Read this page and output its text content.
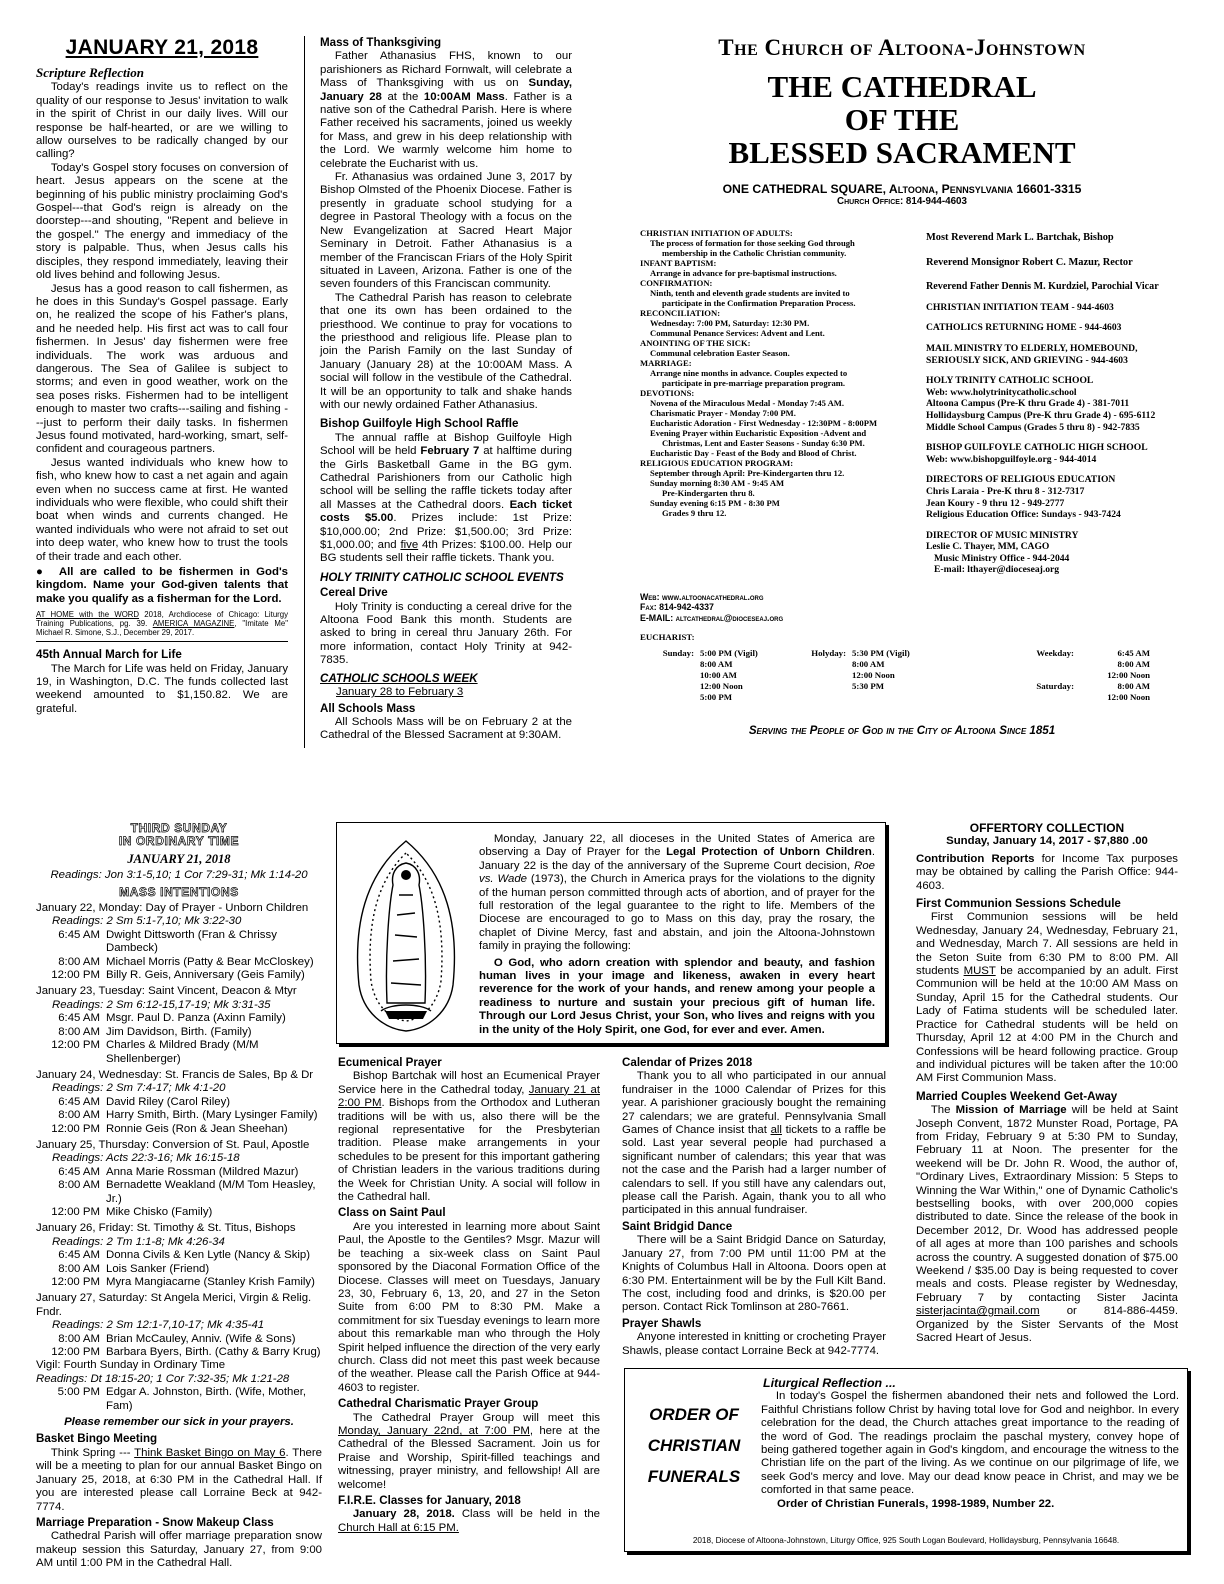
JANUARY 21, 2018
Scripture Reflection

Today's readings invite us to reflect on the quality of our response to Jesus' invitation to walk in the spirit of Christ in our daily lives. Will our response be half-hearted, or are we willing to allow ourselves to be radically changed by our calling?

Today's Gospel story focuses on conversion of heart. Jesus appears on the scene at the beginning of his public ministry proclaiming God's Gospel---that God's reign is already on the doorstep---and shouting, "Repent and believe in the gospel." The energy and immediacy of the story is palpable. Thus, when Jesus calls his disciples, they respond immediately, leaving their old lives behind and following Jesus.

Jesus has a good reason to call fishermen, as he does in this Sunday's Gospel passage. Early on, he realized the scope of his Father's plans, and he needed help. His first act was to call four fishermen. In Jesus' day fishermen were free individuals. The work was arduous and dangerous. The Sea of Galilee is subject to storms; and even in good weather, work on the sea poses risks. Fishermen had to be intelligent enough to master two crafts---sailing and fishing ---just to perform their daily tasks. In fishermen Jesus found motivated, hard-working, smart, self-confident and courageous partners.

Jesus wanted individuals who knew how to fish, who knew how to cast a net again and again even when no success came at first. He wanted individuals who were flexible, who could shift their boat when winds and currents changed. He wanted individuals who were not afraid to set out into deep water, who knew how to trust the tools of their trade and each other.

●  All are called to be fishermen in God's kingdom. Name your God-given talents that make you qualify as a fisherman for the Lord.

AT HOME with the WORD 2018, Archdiocese of Chicago: Liturgy Training Publications, pg. 39. AMERICA MAGAZINE, "Imitate Me" Michael R. Simone, S.J., December 29, 2017.

45th Annual March for Life

The March for Life was held on Friday, January 19, in Washington, D.C. The funds collected last weekend amounted to $1,150.82. We are grateful.

Mass of Thanksgiving

Father Athanasius FHS, known to our parishioners as Richard Fornwalt, will celebrate a Mass of Thanksgiving with us on Sunday, January 28 at the 10:00AM Mass. Father is a native son of the Cathedral Parish. Here is where Father received his sacraments, joined us weekly for Mass, and grew in his deep relationship with the Lord. We warmly welcome him home to celebrate the Eucharist with us.

Fr. Athanasius was ordained June 3, 2017 by Bishop Olmsted of the Phoenix Diocese. Father is presently in graduate school studying for a degree in Pastoral Theology with a focus on the New Evangelization at Sacred Heart Major Seminary in Detroit. Father Athanasius is a member of the Franciscan Friars of the Holy Spirit situated in Laveen, Arizona. Father is one of the seven founders of this Franciscan community.

The Cathedral Parish has reason to celebrate that one its own has been ordained to the priesthood. We continue to pray for vocations to the priesthood and religious life. Please plan to join the Parish Family on the last Sunday of January (January 28) at the 10:00AM Mass. A social will follow in the vestibule of the Cathedral. It will be an opportunity to talk and shake hands with our newly ordained Father Athanasius.

Bishop Guilfoyle High School Raffle

The annual raffle at Bishop Guilfoyle High School will be held February 7 at halftime during the Girls Basketball Game in the BG gym. Cathedral Parishioners from our Catholic high school will be selling the raffle tickets today after all Masses at the Cathedral doors. Each ticket costs $5.00. Prizes include: 1st Prize: $10,000.00; 2nd Prize: $1,500.00; 3rd Prize: $1,000.00; and five 4th Prizes: $100.00. Help our BG students sell their raffle tickets. Thank you.

HOLY TRINITY CATHOLIC SCHOOL EVENTS
Cereal Drive

Holy Trinity is conducting a cereal drive for the Altoona Food Bank this month. Students are asked to bring in cereal thru January 26th. For more information, contact Holy Trinity at 942-7835.

CATHOLIC SCHOOLS WEEK
January 28 to February 3
All Schools Mass

All Schools Mass will be on February 2 at the Cathedral of the Blessed Sacrament at 9:30AM.

The Church of Altoona-Johnstown
THE CATHEDRAL
OF THE
BLESSED SACRAMENT
ONE CATHEDRAL SQUARE, Altoona, Pennsylvania 16601-3315
Church Office: 814-944-4603
CHRISTIAN INITIATION OF ADULTS:
The process of formation for those seeking God through
membership in the Catholic Christian community.
INFANT BAPTISM:
Arrange in advance for pre-baptismal instructions.
CONFIRMATION:
Ninth, tenth and eleventh grade students are invited to
participate in the Confirmation Preparation Process.
RECONCILIATION:
Wednesday: 7:00 PM, Saturday: 12:30 PM.
Communal Penance Services: Advent and Lent.
ANOINTING OF THE SICK:
Communal celebration Easter Season.
MARRIAGE:
Arrange nine months in advance. Couples expected to
participate in pre-marriage preparation program.
DEVOTIONS:
Novena of the Miraculous Medal - Monday 7:45 AM.
Charismatic Prayer - Monday 7:00 PM.
Eucharistic Adoration - First Wednesday - 12:30PM - 8:00PM
Evening Prayer within Eucharistic Exposition -Advent and
Christmas, Lent and Easter Seasons - Sunday 6:30 PM.
Eucharistic Day - Feast of the Body and Blood of Christ.
RELIGIOUS EDUCATION PROGRAM:
September through April: Pre-Kindergarten thru 12.
Sunday morning 8:30 AM - 9:45 AM
Pre-Kindergarten thru 8.
Sunday evening 6:15 PM - 8:30 PM
Grades 9 thru 12.
Web: www.altoonacathedral.org
Fax: 814-942-4337
E-MAIL: altcathedral@dioceseaj.org
EUCHARIST:
Sunday: 5:00 PM (Vigil)
8:00 AM
10:00 AM
12:00 Noon
5:00 PM
Holyday: 5:30 PM (Vigil)
8:00 AM
12:00 Noon
5:30 PM
Weekday:

Saturday:
6:45 AM
8:00 AM
12:00 Noon
8:00 AM
12:00 Noon
Most Reverend Mark L. Bartchak, Bishop
Reverend Monsignor Robert C. Mazur, Rector
Reverend Father Dennis M. Kurdziel, Parochial Vicar
CHRISTIAN INITIATION TEAM - 944-4603
CATHOLICS RETURNING HOME - 944-4603
MAIL MINISTRY TO ELDERLY, HOMEBOUND, SERIOUSLY SICK, AND GRIEVING - 944-4603
HOLY TRINITY CATHOLIC SCHOOL
Web: www.holytrinitycatholic.school
Altoona Campus (Pre-K thru Grade 4) - 381-7011
Hollidaysburg Campus (Pre-K thru Grade 4) - 695-6112
Middle School Campus (Grades 5 thru 8) - 942-7835
BISHOP GUILFOYLE CATHOLIC HIGH SCHOOL
Web: www.bishopguilfoyle.org - 944-4014
DIRECTORS OF RELIGIOUS EDUCATION
Chris Laraia - Pre-K thru 8 - 312-7317
Jean Koury - 9 thru 12 - 949-2777
Religious Education Office: Sundays - 943-7424
DIRECTOR OF MUSIC MINISTRY
Leslie C. Thayer, MM, CAGO
Music Ministry Office - 944-2044
E-mail: lthayer@dioceseaj.org
Serving the People of God in the City of Altoona Since 1851
THIRD SUNDAY
IN ORDINARY TIME
JANUARY 21, 2018
Readings: Jon 3:1-5,10; 1 Cor 7:29-31; Mk 1:14-20
MASS INTENTIONS
January 22, Monday: Day of Prayer - Unborn Children
Readings: 2 Sm 5:1-7,10; Mk 3:22-30
6:45 AM Dwight Dittsworth (Fran & Chrissy Dambeck)
8:00 AM Michael Morris (Patty & Bear McCloskey)
12:00 PM Billy R. Geis, Anniversary (Geis Family)
January 23, Tuesday: Saint Vincent, Deacon & Mtyr
Readings: 2 Sm 6:12-15,17-19; Mk 3:31-35
6:45 AM Msgr. Paul D. Panza (Axinn Family)
8:00 AM Jim Davidson, Birth. (Family)
12:00 PM Charles & Mildred Brady (M/M Shellenberger)
January 24, Wednesday: St. Francis de Sales, Bp & Dr
Readings: 2 Sm 7:4-17; Mk 4:1-20
6:45 AM David Riley (Carol Riley)
8:00 AM Harry Smith, Birth. (Mary Lysinger Family)
12:00 PM Ronnie Geis (Ron & Jean Sheehan)
January 25, Thursday: Conversion of St. Paul, Apostle
Readings: Acts 22:3-16; Mk 16:15-18
6:45 AM Anna Marie Rossman (Mildred Mazur)
8:00 AM Bernadette Weakland (M/M Tom Heasley, Jr.)
12:00 PM Mike Chisko (Family)
January 26, Friday: St. Timothy & St. Titus, Bishops
Readings: 2 Tm 1:1-8; Mk 4:26-34
6:45 AM Donna Civils & Ken Lytle (Nancy & Skip)
8:00 AM Lois Sanker (Friend)
12:00 PM Myra Mangiacarne (Stanley Krish Family)
January 27, Saturday: St Angela Merici, Virgin & Relig. Fndr.
Readings: 2 Sm 12:1-7,10-17; Mk 4:35-41
8:00 AM Brian McCauley, Anniv. (Wife & Sons)
12:00 PM Barbara Byers, Birth. (Cathy & Barry Krug)
Vigil: Fourth Sunday in Ordinary Time
Readings: Dt 18:15-20; 1 Cor 7:32-35; Mk 1:21-28
5:00 PM Edgar A. Johnston, Birth. (Wife, Mother, Fam)
Please remember our sick in your prayers.
Basket Bingo Meeting

Think Spring --- Think Basket Bingo on May 6. There will be a meeting to plan for our annual Basket Bingo on January 25, 2018, at 6:30 PM in the Cathedral Hall. If you are interested please call Lorraine Beck at 942-7774.

Marriage Preparation - Snow Makeup Class

Cathedral Parish will offer marriage preparation snow makeup session this Saturday, January 27, from 9:00 AM until 1:00 PM in the Cathedral Hall.

Monday, January 22, all dioceses in the United States of America are observing a Day of Prayer for the Legal Protection of Unborn Children. January 22 is the day of the anniversary of the Supreme Court decision, Roe vs. Wade (1973), the Church in America prays for the violations to the dignity of the human person committed through acts of abortion, and of prayer for the full restoration of the legal guarantee to the right to life. Members of the Diocese are encouraged to go to Mass on this day, pray the rosary, the chaplet of Divine Mercy, fast and abstain, and join the Altoona-Johnstown family in praying the following:

O God, who adorn creation with splendor and beauty, and fashion human lives in your image and likeness, awaken in every heart reverence for the work of your hands, and renew among your people a readiness to nurture and sustain your precious gift of human life. Through our Lord Jesus Christ, your Son, who lives and reigns with you in the unity of the Holy Spirit, one God, for ever and ever. Amen.

Ecumenical Prayer

Bishop Bartchak will host an Ecumenical Prayer Service here in the Cathedral today, January 21 at 2:00 PM. Bishops from the Orthodox and Lutheran traditions will be with us, also there will be the regional representative for the Presbyterian tradition. Please make arrangements in your schedules to be present for this important gathering of Christian leaders in the various traditions during the Week for Christian Unity. A social will follow in the Cathedral hall.

Class on Saint Paul

Are you interested in learning more about Saint Paul, the Apostle to the Gentiles? Msgr. Mazur will be teaching a six-week class on Saint Paul sponsored by the Diaconal Formation Office of the Diocese. Classes will meet on Tuesdays, January 23, 30, February 6, 13, 20, and 27 in the Seton Suite from 6:00 PM to 8:30 PM. Make a commitment for six Tuesday evenings to learn more about this remarkable man who through the Holy Spirit helped influence the direction of the very early church. Class did not meet this past week because of the weather. Please call the Parish Office at 944-4603 to register.

Cathedral Charismatic Prayer Group

The Cathedral Prayer Group will meet this Monday, January 22nd, at 7:00 PM, here at the Cathedral of the Blessed Sacrament. Join us for Praise and Worship, Spirit-filled teachings and witnessing, prayer ministry, and fellowship! All are welcome!

F.I.R.E. Classes for January, 2018

January 28, 2018. Class will be held in the Church Hall at 6:15 PM.

Calendar of Prizes 2018

Thank you to all who participated in our annual fundraiser in the 1000 Calendar of Prizes for this year. A parishioner graciously bought the remaining 27 calendars; we are grateful. Pennsylvania Small Games of Chance insist that all tickets to a raffle be sold. Last year several people had purchased a significant number of calendars; this year that was not the case and the Parish had a larger number of calendars to sell. If you still have any calendars out, please call the Parish. Again, thank you to all who participated in this annual fundraiser.

Saint Bridgid Dance

There will be a Saint Bridgid Dance on Saturday, January 27, from 7:00 PM until 11:00 PM at the Knights of Columbus Hall in Altoona. Doors open at 6:30 PM. Entertainment will be by the Full Kilt Band. The cost, including food and drinks, is $20.00 per person. Contact Rick Tomlinson at 280-7661.

Prayer Shawls

Anyone interested in knitting or crocheting Prayer Shawls, please contact Lorraine Beck at 942-7774.

OFFERTORY COLLECTION
Sunday, January 14, 2017 - $7,880 .00

Contribution Reports for Income Tax purposes may be obtained by calling the Parish Office: 944-4603.

First Communion Sessions Schedule

First Communion sessions will be held Wednesday, January 24, Wednesday, February 21, and Wednesday, March 7. All sessions are held in the Seton Suite from 6:30 PM to 8:00 PM. All students MUST be accompanied by an adult. First Communion will be held at the 10:00 AM Mass on Sunday, April 15 for the Cathedral students. Our Lady of Fatima students will be scheduled later. Practice for Cathedral students will be held on Thursday, April 12 at 4:00 PM in the Church and Confessions will be heard following practice. Group and individual pictures will be taken after the 10:00 AM First Communion Mass.

Married Couples Weekend Get-Away

The Mission of Marriage will be held at Saint Joseph Convent, 1872 Munster Road, Portage, PA from Friday, February 9 at 5:30 PM to Sunday, February 11 at Noon. The presenter for the weekend will be Dr. John R. Wood, the author of, "Ordinary Lives, Extraordinary Mission: 5 Steps to Winning the War Within," one of Dynamic Catholic's bestselling books, with over 200,000 copies distributed to date. Since the release of the book in December 2012, Dr. Wood has addressed people of all ages at more than 100 parishes and schools across the country. A suggested donation of $75.00 Weekend / $35.00 Day is being requested to cover meals and costs. Please register by Wednesday, February 7 by contacting Sister Jacinta sisterjacinta@gmail.com or 814-886-4459. Organized by the Sister Servants of the Most Sacred Heart of Jesus.

ORDER OF
CHRISTIAN
FUNERALS
Liturgical Reflection ...

In today's Gospel the fishermen abandoned their nets and followed the Lord. Faithful Christians follow Christ by having total love for God and neighbor. In every celebration for the dead, the Church attaches great importance to the reading of the word of God. The readings proclaim the paschal mystery, convey hope of being gathered together again in God's kingdom, and encourage the witness to the Christian life on the part of the living. As we continue on our pilgrimage of life, we seek God's mercy and love. May our dead know peace in Christ, and may we be comforted in that same peace.

Order of Christian Funerals, 1998-1989, Number 22.

2018, Diocese of Altoona-Johnstown, Liturgy Office, 925 South Logan Boulevard, Hollidaysburg, Pennsylvania 16648.
